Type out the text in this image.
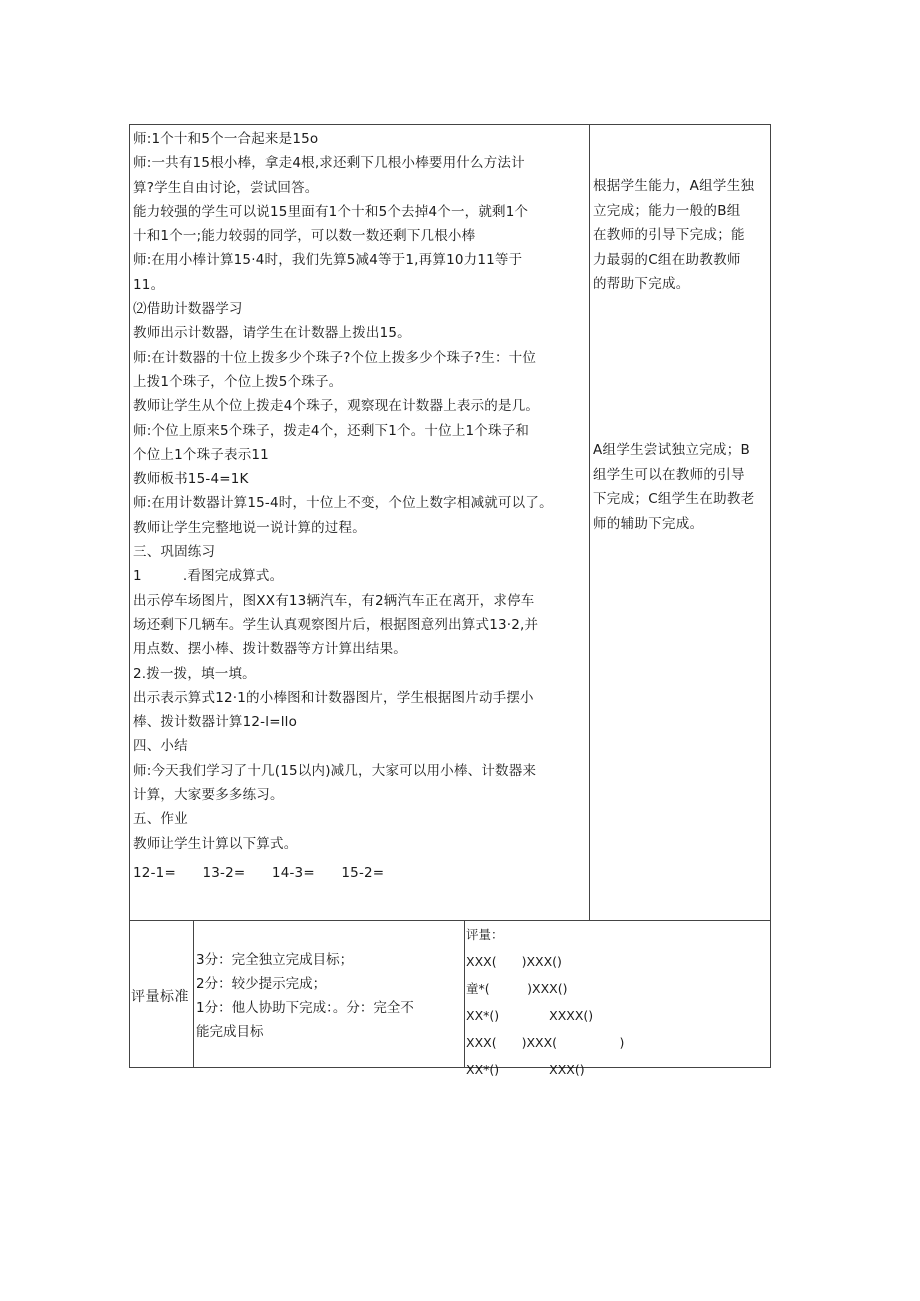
师:1个十和5个一合起来是15o
师:一共有15根小棒，拿走4根,求还剩下几根小棒要用什么方法计
算?学生自由讨论，尝试回答。
能力较强的学生可以说15里面有1个十和5个去掉4个一，就剩1个
十和1个一;能力较弱的同学，可以数一数还剩下几根小棒
师:在用小棒计算15·4时，我们先算5减4等于1,再算10力11等于
11。
⑵借助计数器学习
教师出示计数器，请学生在计数器上拨出15。
师:在计数器的十位上拨多少个珠子?个位上拨多少个珠子?生：十位
上拨1个珠子，个位上拨5个珠子。
教师让学生从个位上拨走4个珠子，观察现在计数器上表示的是几。
师:个位上原来5个珠子，拨走4个，还剩下1个。十位上1个珠子和
个位上1个珠子表示11
教师板书15-4=1K
师:在用计数器计算15-4时，十位上不变，个位上数字相减就可以了。
教师让学生完整地说一说计算的过程。
三、巩固练习
1　　　.看图完成算式。
出示停车场图片，图XX有13辆汽车，有2辆汽车正在离开，求停车
场还剩下几辆车。学生认真观察图片后，根据图意列出算式13·2,并
用点数、摆小棒、拨计数器等方计算出结果。
2.拨一拨，填一填。
出示表示算式12·1的小棒图和计数器图片，学生根据图片动手摆小
棒、拨计数器计算12-l=llo
四、小结
师:今天我们学习了十几(15以内)减几，大家可以用小棒、计数器来
计算，大家要多多练习。
五、作业
教师让学生计算以下算式。
12-1= 13-2= 14-3= 15-2=
根据学生能力，A组学生独
立完成；能力一般的B组
在教师的引导下完成；能
力最弱的C组在助教教师
的帮助下完成。
A组学生尝试独立完成；B
组学生可以在教师的引导
下完成；C组学生在助教老
师的辅助下完成。
评量标准
3分：完全独立完成目标；
2分：较少提示完成；
1分：他人协助下完成：。分：完全不
能完成目标
评量：
XXX(　　)XXX()
童*(　　　)XXX()
XX*()　　　　XXXX()
XXX(　　)XXX(　　　　　)
XX*()　　　　XXX()
